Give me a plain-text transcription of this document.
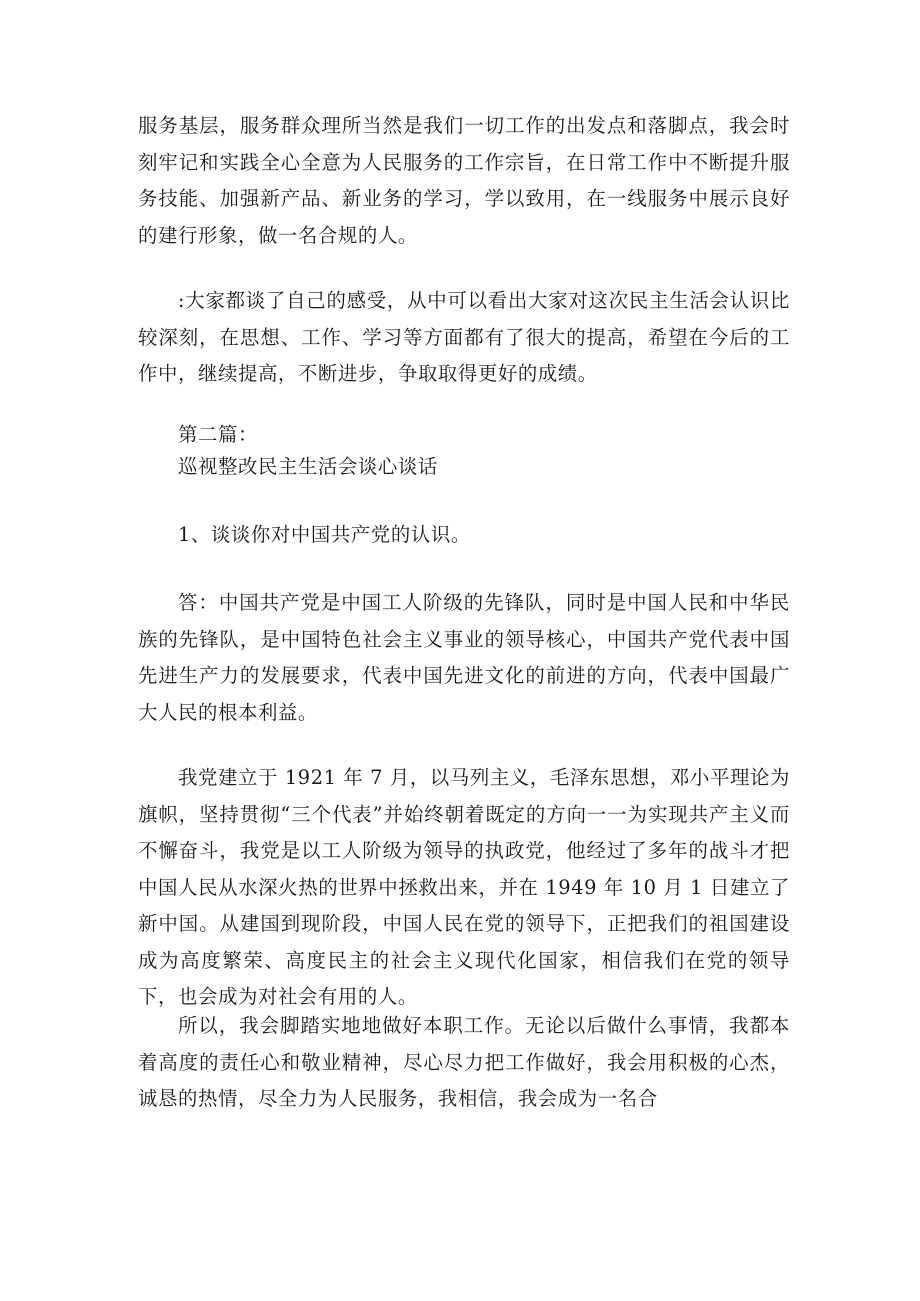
服务基层，服务群众理所当然是我们一切工作的出发点和落脚点，我会时刻牢记和实践全心全意为人民服务的工作宗旨，在日常工作中不断提升服务技能、加强新产品、新业务的学习，学以致用，在一线服务中展示良好的建行形象，做一名合规的人。

:大家都谈了自己的感受，从中可以看出大家对这次民主生活会认识比较深刻，在思想、工作、学习等方面都有了很大的提高，希望在今后的工作中，继续提高，不断进步，争取取得更好的成绩。

第二篇：

巡视整改民主生活会谈心谈话

1、谈谈你对中国共产党的认识。

答：中国共产党是中国工人阶级的先锋队，同时是中国人民和中华民族的先锋队，是中国特色社会主义事业的领导核心，中国共产党代表中国先进生产力的发展要求，代表中国先进文化的前进的方向，代表中国最广大人民的根本利益。

我党建立于 1921 年 7 月，以马列主义，毛泽东思想，邓小平理论为旗帜，坚持贯彻“三个代表”并始终朝着既定的方向一一为实现共产主义而不懈奋斗，我党是以工人阶级为领导的执政党，他经过了多年的战斗才把中国人民从水深火热的世界中拯救出来，并在 1949 年 10 月 1 日建立了新中国。从建国到现阶段，中国人民在党的领导下，正把我们的祖国建设成为高度繁荣、高度民主的社会主义现代化国家，相信我们在党的领导下，也会成为对社会有用的人。

所以，我会脚踏实地地做好本职工作。无论以后做什么事情，我都本着高度的责任心和敬业精神，尽心尽力把工作做好，我会用积极的心杰，诚恳的热情，尽全力为人民服务，我相信，我会成为一名合
